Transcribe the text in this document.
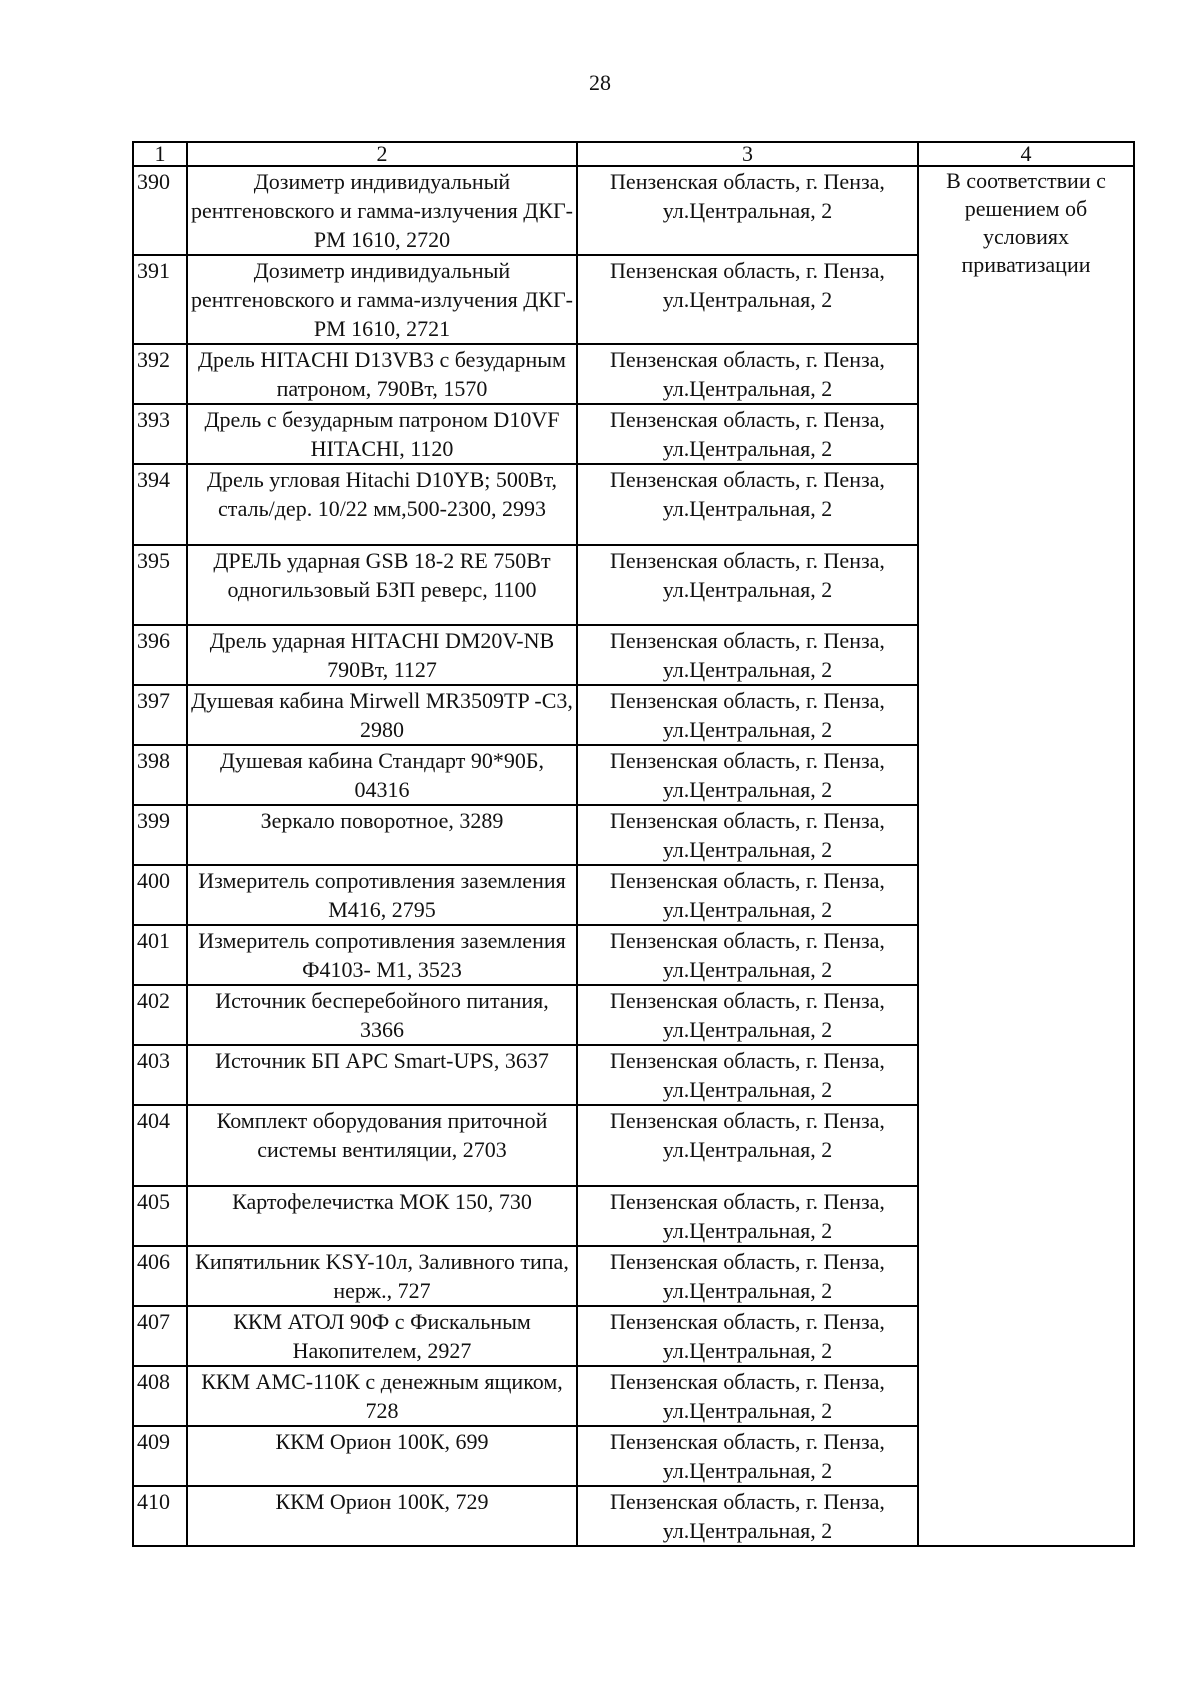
28
1	2	3	4
390	Дозиметр индивидуальный рентгеновского и гамма-излучения ДКГ-РМ 1610, 2720	Пензенская область, г. Пенза, ул.Центральная, 2	В соответствии с решением об условиях приватизации
391	Дозиметр индивидуальный рентгеновского и гамма-излучения ДКГ-РМ 1610, 2721	Пензенская область, г. Пенза, ул.Центральная, 2	
392	Дрель HITACHI D13VB3 с безударным патроном, 790Вт, 1570	Пензенская область, г. Пенза, ул.Центральная, 2	
393	Дрель с безударным патроном D10VF HITACHI, 1120	Пензенская область, г. Пенза, ул.Центральная, 2	
394	Дрель угловая Hitachi D10YB; 500Вт, сталь/дер. 10/22 мм,500-2300, 2993	Пензенская область, г. Пенза, ул.Центральная, 2	
395	ДРЕЛЬ ударная GSB 18-2 RE 750Вт одногильзовый БЗП реверс, 1100	Пензенская область, г. Пенза, ул.Центральная, 2	
396	Дрель ударная HITACHI DM20V-NB 790Вт, 1127	Пензенская область, г. Пенза, ул.Центральная, 2	
397	Душевая кабина Mirwell MR3509TP -C3, 2980	Пензенская область, г. Пенза, ул.Центральная, 2	
398	Душевая кабина Стандарт 90*90Б, 04316	Пензенская область, г. Пенза, ул.Центральная, 2	
399	Зеркало поворотное, 3289	Пензенская область, г. Пенза, ул.Центральная, 2	
400	Измеритель сопротивления заземления М416, 2795	Пензенская область, г. Пенза, ул.Центральная, 2	
401	Измеритель сопротивления заземления Ф4103- М1, 3523	Пензенская область, г. Пенза, ул.Центральная, 2	
402	Источник бесперебойного питания, 3366	Пензенская область, г. Пенза, ул.Центральная, 2	
403	Источник БП APC Smart-UPS, 3637	Пензенская область, г. Пенза, ул.Центральная, 2	
404	Комплект оборудования приточной системы вентиляции, 2703	Пензенская область, г. Пенза, ул.Центральная, 2	
405	Картофелечистка МОК 150, 730	Пензенская область, г. Пенза, ул.Центральная, 2	
406	Кипятильник KSY-10л, Заливного типа, нерж., 727	Пензенская область, г. Пенза, ул.Центральная, 2	
407	ККМ АТОЛ 90Ф с Фискальным Накопителем, 2927	Пензенская область, г. Пенза, ул.Центральная, 2	
408	ККМ АМС-110К с денежным ящиком, 728	Пензенская область, г. Пенза, ул.Центральная, 2	
409	ККМ Орион 100К, 699	Пензенская область, г. Пенза, ул.Центральная, 2	
410	ККМ Орион 100К, 729	Пензенская область, г. Пенза, ул.Центральная, 2	
